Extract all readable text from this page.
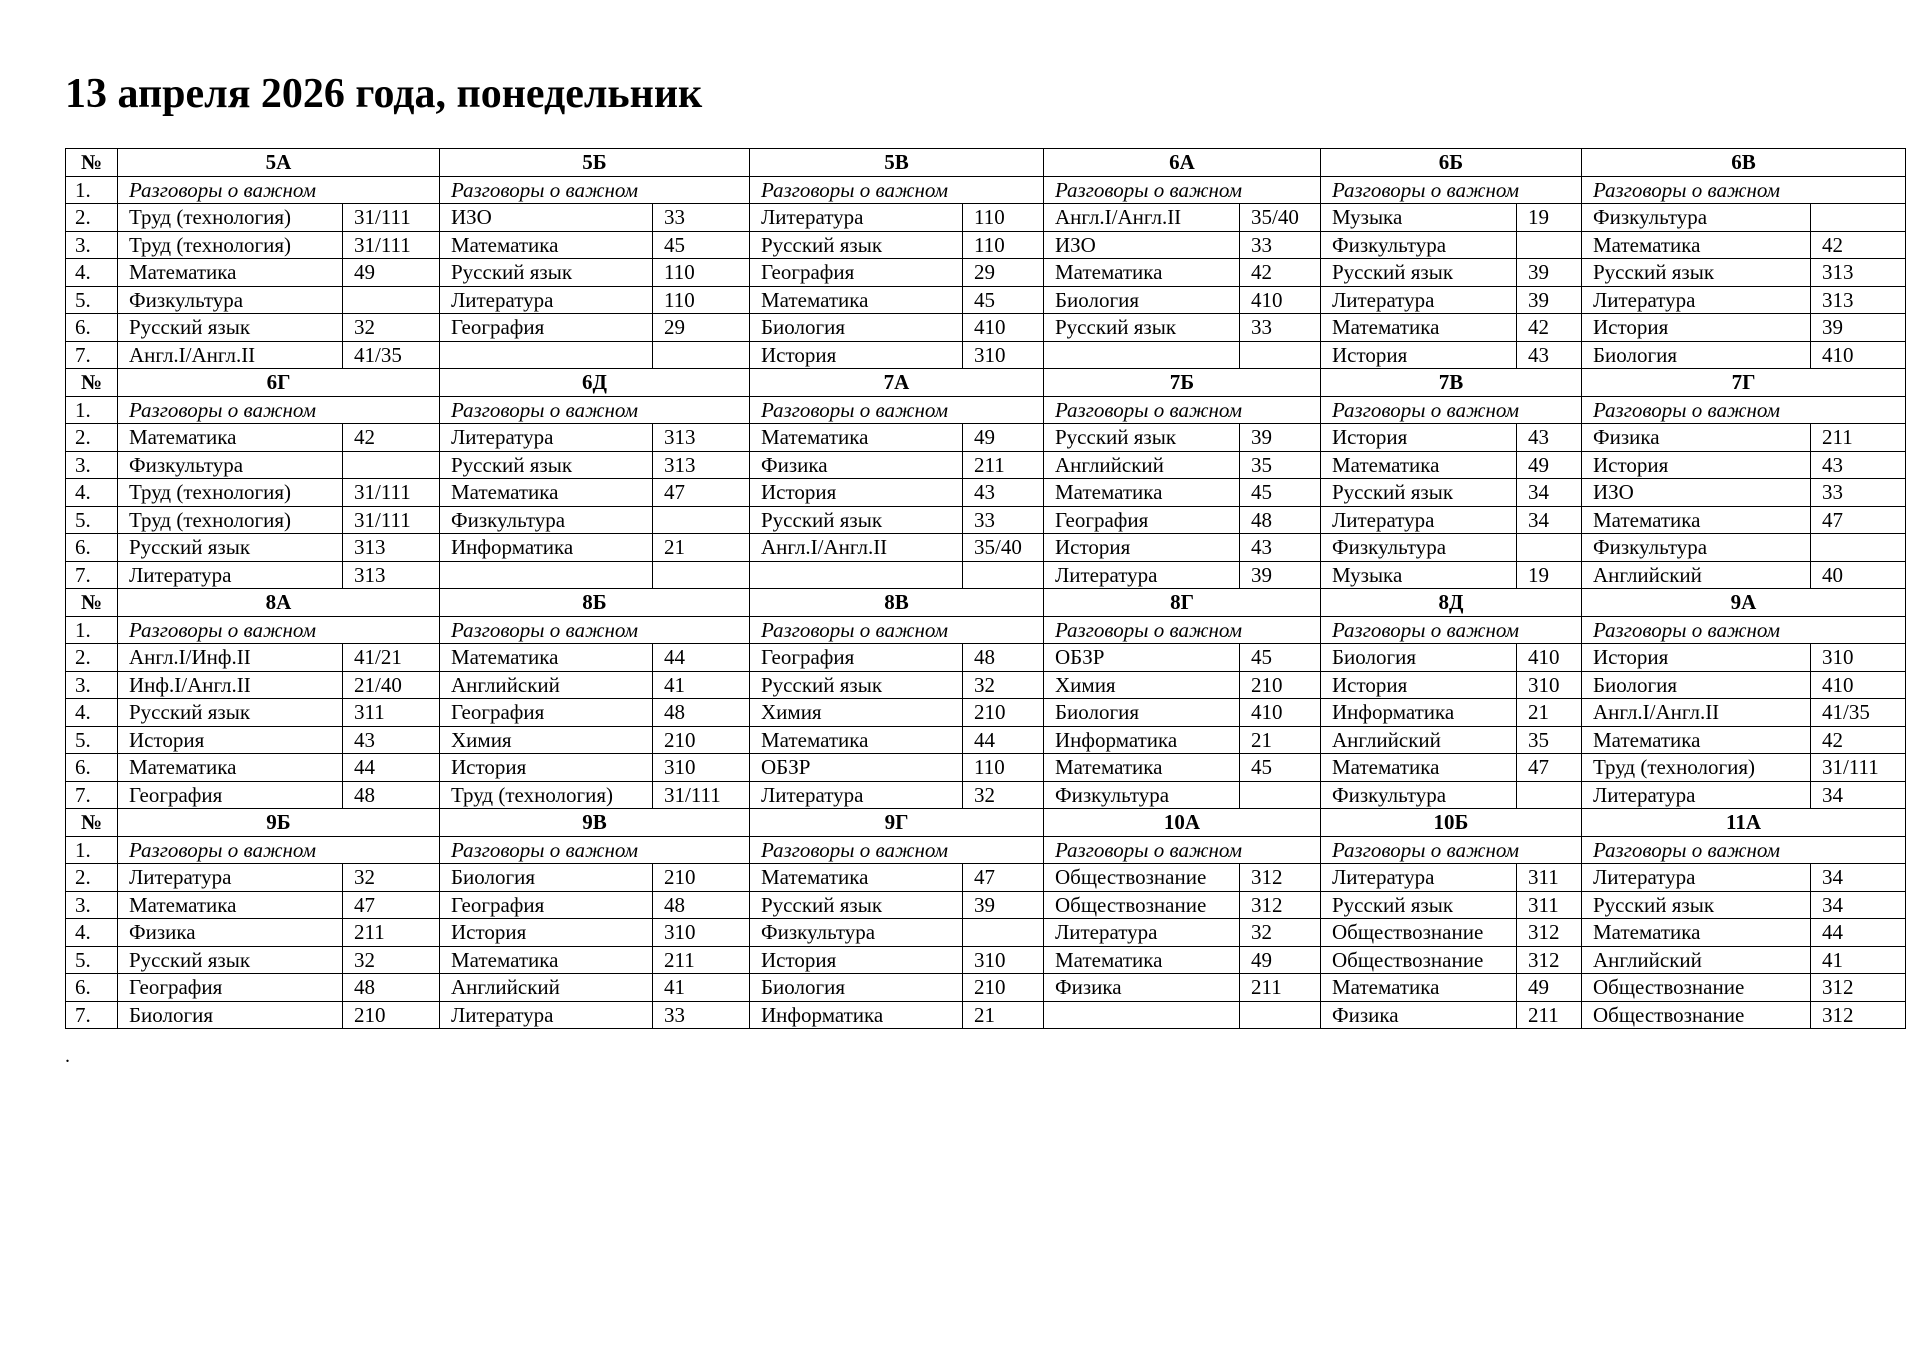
13 апреля 2026 года, понедельник
№	5А		5Б		5В		6А		6Б		6В	
1.	Разговоры о важном		Разговоры о важном		Разговоры о важном		Разговоры о важном		Разговоры о важном		Разговоры о важном	
2.	Труд (технология)	31/111	ИЗО	33	Литература	110	Англ.I/Англ.II	35/40	Музыка	19	Физкультура	
3.	Труд (технология)	31/111	Математика	45	Русский язык	110	ИЗО	33	Физкультура		Математика	42
4.	Математика	49	Русский язык	110	География	29	Математика	42	Русский язык	39	Русский язык	313
5.	Физкультура		Литература	110	Математика	45	Биология	410	Литература	39	Литература	313
6.	Русский язык	32	География	29	Биология	410	Русский язык	33	Математика	42	История	39
7.	Англ.I/Англ.II	41/35			История	310			История	43	Биология	410
№	6Г		6Д		7А		7Б		7В		7Г	
1.	Разговоры о важном		Разговоры о важном		Разговоры о важном		Разговоры о важном		Разговоры о важном		Разговоры о важном	
2.	Математика	42	Литература	313	Математика	49	Русский язык	39	История	43	Физика	211
3.	Физкультура		Русский язык	313	Физика	211	Английский	35	Математика	49	История	43
4.	Труд (технология)	31/111	Математика	47	История	43	Математика	45	Русский язык	34	ИЗО	33
5.	Труд (технология)	31/111	Физкультура		Русский язык	33	География	48	Литература	34	Математика	47
6.	Русский язык	313	Информатика	21	Англ.I/Англ.II	35/40	История	43	Физкультура		Физкультура	
7.	Литература	313					Литература	39	Музыка	19	Английский	40
№	8А		8Б		8В		8Г		8Д		9А	
1.	Разговоры о важном		Разговоры о важном		Разговоры о важном		Разговоры о важном		Разговоры о важном		Разговоры о важном	
2.	Англ.I/Инф.II	41/21	Математика	44	География	48	ОБЗР	45	Биология	410	История	310
3.	Инф.I/Англ.II	21/40	Английский	41	Русский язык	32	Химия	210	История	310	Биология	410
4.	Русский язык	311	География	48	Химия	210	Биология	410	Информатика	21	Англ.I/Англ.II	41/35
5.	История	43	Химия	210	Математика	44	Информатика	21	Английский	35	Математика	42
6.	Математика	44	История	310	ОБЗР	110	Математика	45	Математика	47	Труд (технология)	31/111
7.	География	48	Труд (технология)	31/111	Литература	32	Физкультура		Физкультура		Литература	34
№	9Б		9В		9Г		10А		10Б		11А	
1.	Разговоры о важном		Разговоры о важном		Разговоры о важном		Разговоры о важном		Разговоры о важном		Разговоры о важном	
2.	Литература	32	Биология	210	Математика	47	Обществознание	312	Литература	311	Литература	34
3.	Математика	47	География	48	Русский язык	39	Обществознание	312	Русский язык	311	Русский язык	34
4.	Физика	211	История	310	Физкультура		Литература	32	Обществознание	312	Математика	44
5.	Русский язык	32	Математика	211	История	310	Математика	49	Обществознание	312	Английский	41
6.	География	48	Английский	41	Биология	210	Физика	211	Математика	49	Обществознание	312
7.	Биология	210	Литература	33	Информатика	21			Физика	211	Обществознание	312
.
